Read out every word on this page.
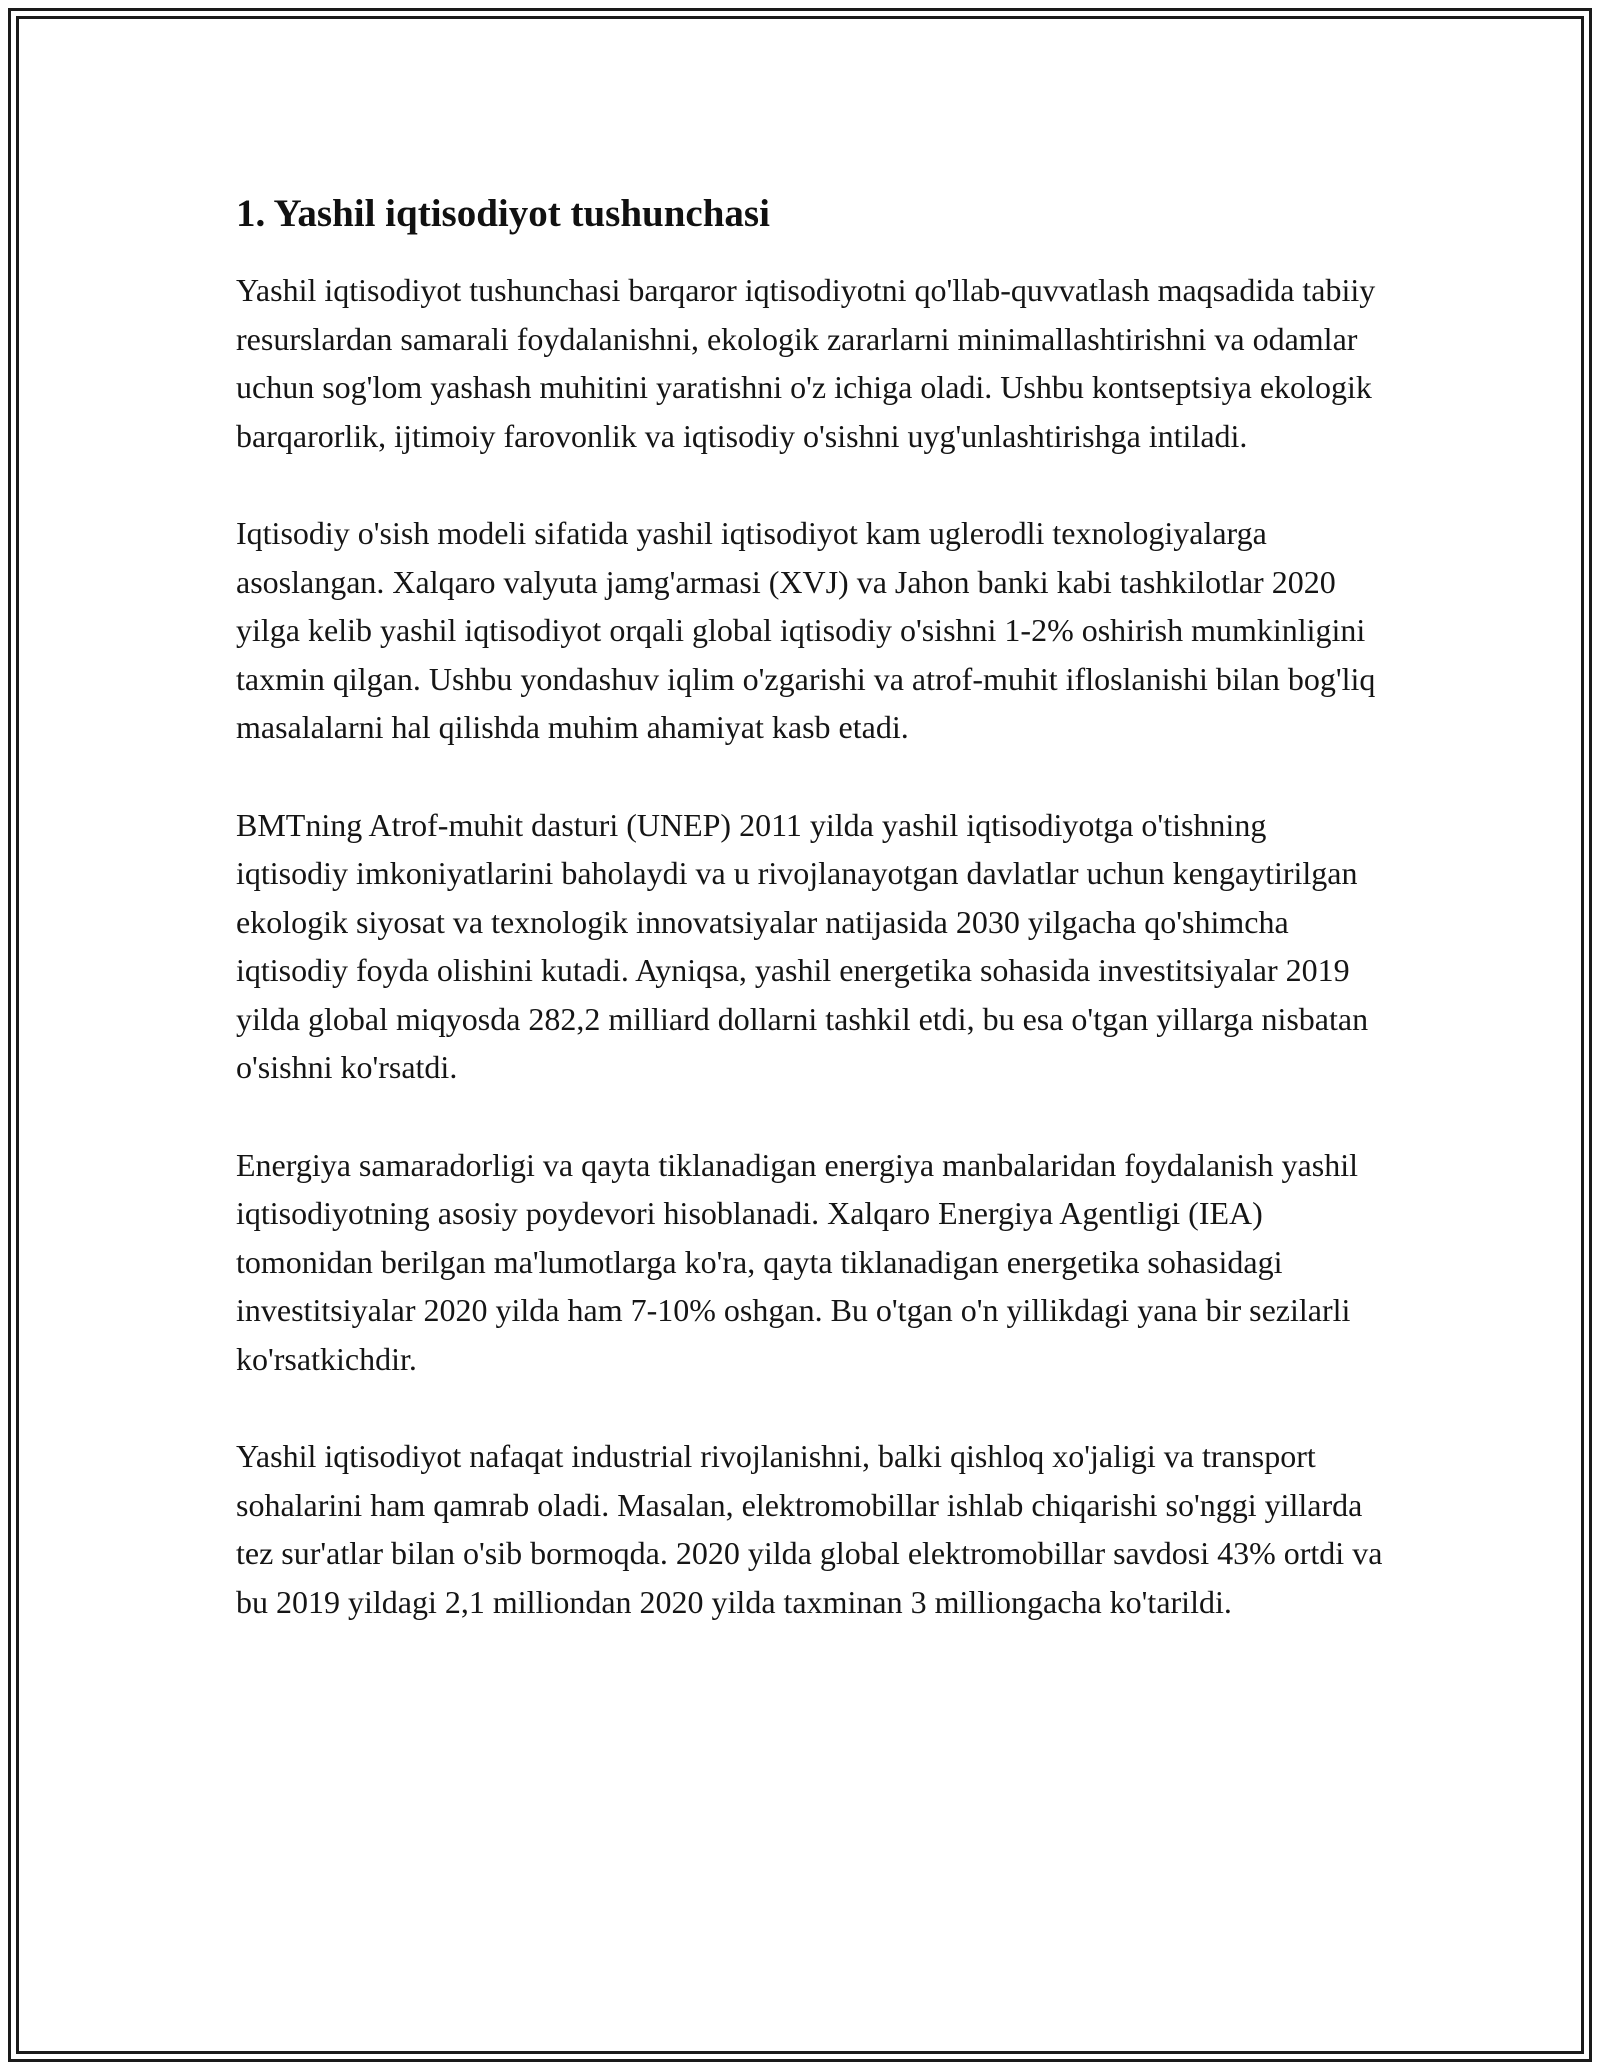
1. Yashil iqtisodiyot tushunchasi

Yashil iqtisodiyot tushunchasi barqaror iqtisodiyotni qo'llab-quvvatlash maqsadida tabiiy resurslardan samarali foydalanishni, ekologik zararlarni minimallashtirishni va odamlar uchun sog'lom yashash muhitini yaratishni o'z ichiga oladi. Ushbu kontseptsiya ekologik barqarorlik, ijtimoiy farovonlik va iqtisodiy o'sishni uyg'unlashtirishga intiladi.

Iqtisodiy o'sish modeli sifatida yashil iqtisodiyot kam uglerodli texnologiyalarga asoslangan. Xalqaro valyuta jamg'armasi (XVJ) va Jahon banki kabi tashkilotlar 2020 yilga kelib yashil iqtisodiyot orqali global iqtisodiy o'sishni 1-2% oshirish mumkinligini taxmin qilgan. Ushbu yondashuv iqlim o'zgarishi va atrof-muhit ifloslanishi bilan bog'liq masalalarni hal qilishda muhim ahamiyat kasb etadi.

BMTning Atrof-muhit dasturi (UNEP) 2011 yilda yashil iqtisodiyotga o'tishning iqtisodiy imkoniyatlarini baholaydi va u rivojlanayotgan davlatlar uchun kengaytirilgan ekologik siyosat va texnologik innovatsiyalar natijasida 2030 yilgacha qo'shimcha iqtisodiy foyda olishini kutadi. Ayniqsa, yashil energetika sohasida investitsiyalar 2019 yilda global miqyosda 282,2 milliard dollarni tashkil etdi, bu esa o'tgan yillarga nisbatan o'sishni ko'rsatdi.

Energiya samaradorligi va qayta tiklanadigan energiya manbalaridan foydalanish yashil iqtisodiyotning asosiy poydevori hisoblanadi. Xalqaro Energiya Agentligi (IEA) tomonidan berilgan ma'lumotlarga ko'ra, qayta tiklanadigan energetika sohasidagi investitsiyalar 2020 yilda ham 7-10% oshgan. Bu o'tgan o'n yillikdagi yana bir sezilarli ko'rsatkichdir.

Yashil iqtisodiyot nafaqat industrial rivojlanishni, balki qishloq xo'jaligi va transport sohalarini ham qamrab oladi. Masalan, elektromobillar ishlab chiqarishi so'nggi yillarda tez sur'atlar bilan o'sib bormoqda. 2020 yilda global elektromobillar savdosi 43% ortdi va bu 2019 yildagi 2,1 milliondan 2020 yilda taxminan 3 milliongacha ko'tarildi.
